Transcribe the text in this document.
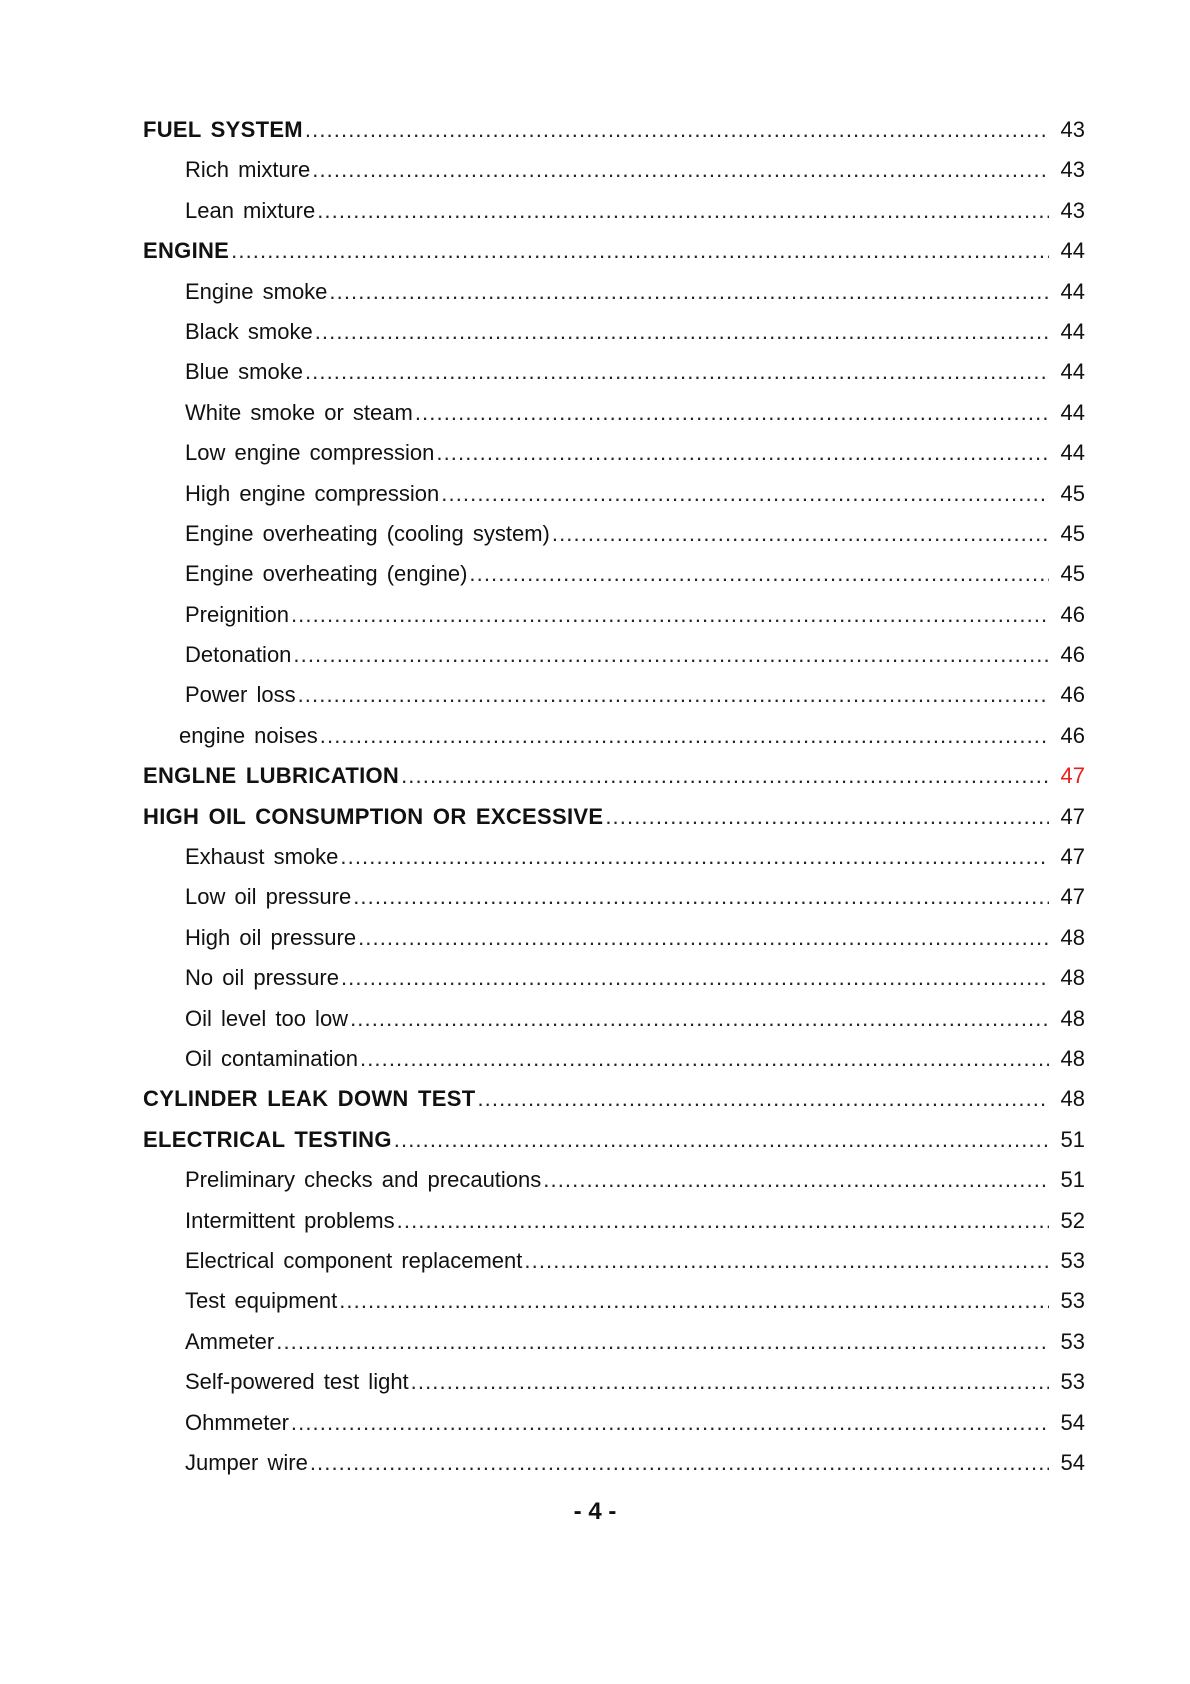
FUEL SYSTEM .....	43
Rich mixture .....	43
Lean mixture .....	43
ENGINE .....	44
Engine smoke .....	44
Black smoke .....	44
Blue smoke .....	44
White smoke or steam .....	44
Low engine compression .....	44
High engine compression .....	45
Engine overheating (cooling system) .....	45
Engine overheating (engine) .....	45
Preignition .....	46
Detonation .....	46
Power loss .....	46
engine noises .....	46
ENGLNE LUBRICATION .....	47
HIGH OIL CONSUMPTION OR EXCESSIVE .....	47
Exhaust smoke .....	47
Low oil pressure .....	47
High oil pressure .....	48
No oil pressure .....	48
Oil level too low .....	48
Oil contamination .....	48
CYLINDER LEAK DOWN TEST .....	48
ELECTRICAL TESTING .....	51
Preliminary checks and precautions .....	51
Intermittent problems .....	52
Electrical component replacement .....	53
Test equipment .....	53
Ammeter .....	53
Self-powered test light .....	53
Ohmmeter .....	54
Jumper wire .....	54
- 4 -
